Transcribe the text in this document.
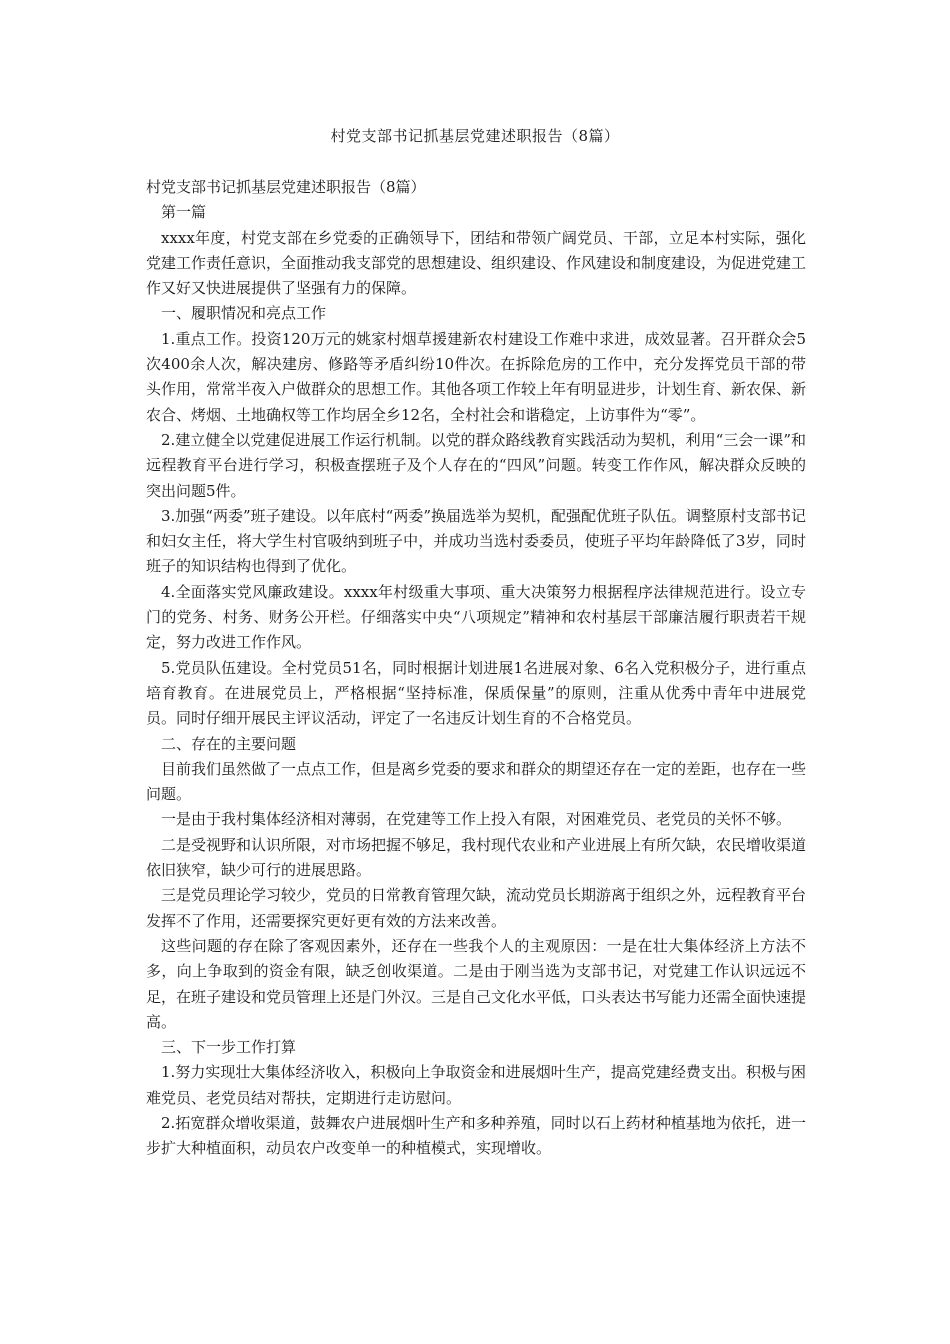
村党支部书记抓基层党建述职报告（8篇）

村党支部书记抓基层党建述职报告（8篇）

第一篇

xxxx年度，村党支部在乡党委的正确领导下，团结和带领广阔党员、干部，立足本村实际，强化党建工作责任意识，全面推动我支部党的思想建设、组织建设、作风建设和制度建设，为促进党建工作又好又快进展提供了坚强有力的保障。

一、履职情况和亮点工作

1.重点工作。投资120万元的姚家村烟草援建新农村建设工作难中求进，成效显著。召开群众会5次400余人次，解决建房、修路等矛盾纠纷10件次。在拆除危房的工作中，充分发挥党员干部的带头作用，常常半夜入户做群众的思想工作。其他各项工作较上年有明显进步，计划生育、新农保、新农合、烤烟、土地确权等工作均居全乡12名，全村社会和谐稳定，上访事件为“零”。

2.建立健全以党建促进展工作运行机制。以党的群众路线教育实践活动为契机，利用“三会一课”和远程教育平台进行学习，积极查摆班子及个人存在的“四风”问题。转变工作作风，解决群众反映的突出问题5件。

3.加强“两委”班子建设。以年底村“两委”换届选举为契机，配强配优班子队伍。调整原村支部书记和妇女主任，将大学生村官吸纳到班子中，并成功当选村委委员，使班子平均年龄降低了3岁，同时班子的知识结构也得到了优化。

4.全面落实党风廉政建设。xxxx年村级重大事项、重大决策努力根据程序法律规范进行。设立专门的党务、村务、财务公开栏。仔细落实中央“八项规定”精神和农村基层干部廉洁履行职责若干规定，努力改进工作作风。

5.党员队伍建设。全村党员51名，同时根据计划进展1名进展对象、6名入党积极分子，进行重点培育教育。在进展党员上，严格根据“坚持标准，保质保量”的原则，注重从优秀中青年中进展党员。同时仔细开展民主评议活动，评定了一名违反计划生育的不合格党员。

二、存在的主要问题

目前我们虽然做了一点点工作，但是离乡党委的要求和群众的期望还存在一定的差距，也存在一些问题。

一是由于我村集体经济相对薄弱，在党建等工作上投入有限，对困难党员、老党员的关怀不够。

二是受视野和认识所限，对市场把握不够足，我村现代农业和产业进展上有所欠缺，农民增收渠道依旧狭窄，缺少可行的进展思路。

三是党员理论学习较少，党员的日常教育管理欠缺，流动党员长期游离于组织之外，远程教育平台发挥不了作用，还需要探究更好更有效的方法来改善。

这些问题的存在除了客观因素外，还存在一些我个人的主观原因：一是在壮大集体经济上方法不多，向上争取到的资金有限，缺乏创收渠道。二是由于刚当选为支部书记，对党建工作认识远远不足，在班子建设和党员管理上还是门外汉。三是自己文化水平低，口头表达书写能力还需全面快速提高。

三、下一步工作打算

1.努力实现壮大集体经济收入，积极向上争取资金和进展烟叶生产，提高党建经费支出。积极与困难党员、老党员结对帮扶，定期进行走访慰问。

2.拓宽群众增收渠道，鼓舞农户进展烟叶生产和多种养殖，同时以石上药材种植基地为依托，进一步扩大种植面积，动员农户改变单一的种植模式，实现增收。
